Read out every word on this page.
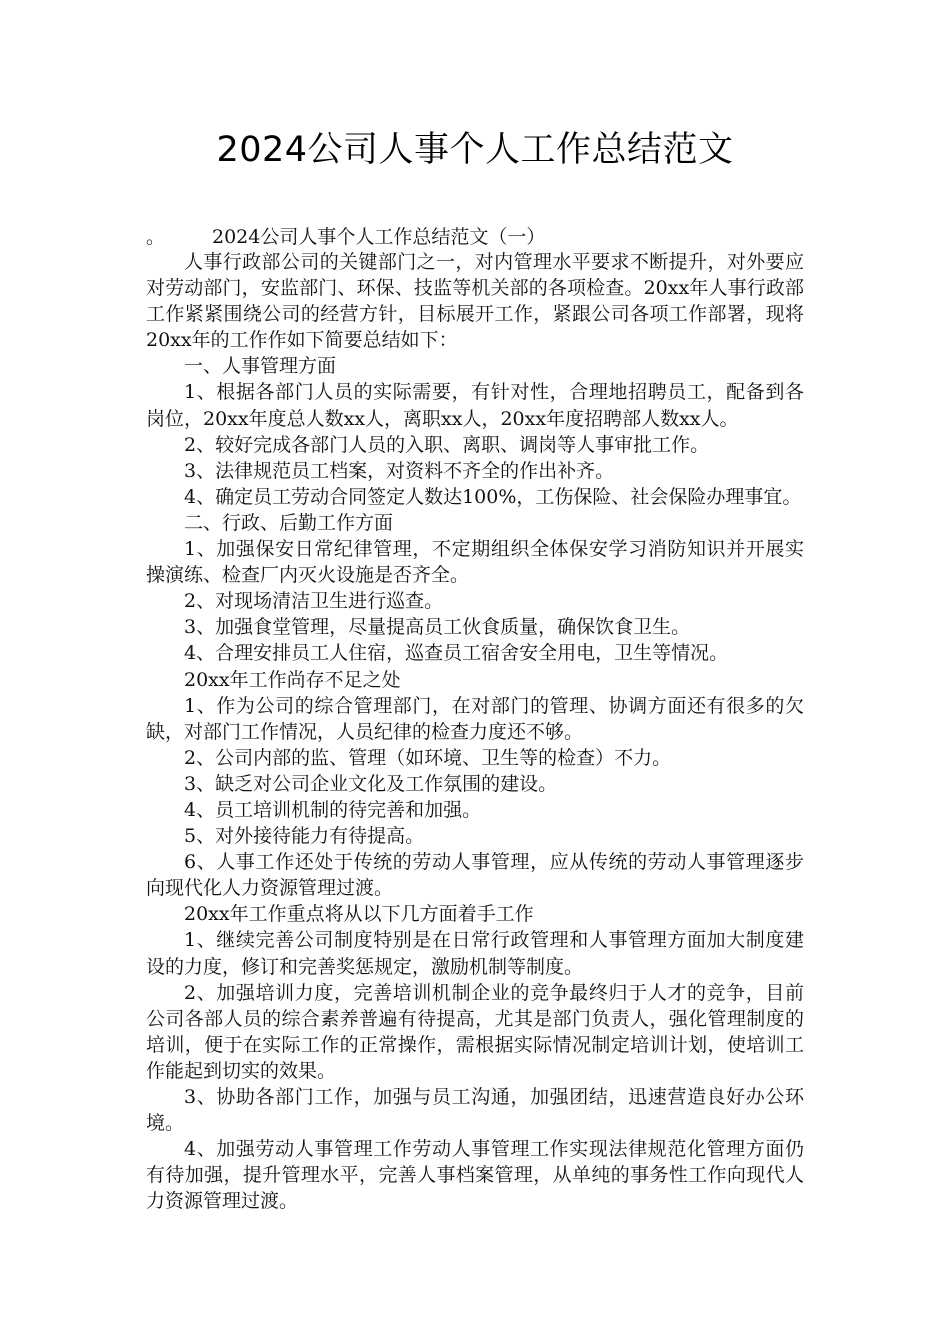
2024公司人事个人工作总结范文
。 2024公司人事个人工作总结范文（一）

人事行政部公司的关键部门之一，对内管理水平要求不断提升，对外要应对劳动部门，安监部门、环保、技监等机关部的各项检查。20xx年人事行政部工作紧紧围绕公司的经营方针，目标展开工作，紧跟公司各项工作部署，现将20xx年的工作作如下简要总结如下：

一、人事管理方面

1、根据各部门人员的实际需要，有针对性，合理地招聘员工，配备到各岗位，20xx年度总人数xx人，离职xx人，20xx年度招聘部人数xx人。

2、较好完成各部门人员的入职、离职、调岗等人事审批工作。

3、法律规范员工档案，对资料不齐全的作出补齐。

4、确定员工劳动合同签定人数达100%，工伤保险、社会保险办理事宜。

二、行政、后勤工作方面

1、加强保安日常纪律管理，不定期组织全体保安学习消防知识并开展实操演练、检查厂内灭火设施是否齐全。

2、对现场清洁卫生进行巡查。

3、加强食堂管理，尽量提高员工伙食质量，确保饮食卫生。

4、合理安排员工人住宿，巡查员工宿舍安全用电，卫生等情况。

20xx年工作尚存不足之处

1、作为公司的综合管理部门，在对部门的管理、协调方面还有很多的欠缺，对部门工作情况，人员纪律的检查力度还不够。

2、公司内部的监、管理（如环境、卫生等的检查）不力。

3、缺乏对公司企业文化及工作氛围的建设。

4、员工培训机制的待完善和加强。

5、对外接待能力有待提高。

6、人事工作还处于传统的劳动人事管理，应从传统的劳动人事管理逐步向现代化人力资源管理过渡。

20xx年工作重点将从以下几方面着手工作

1、继续完善公司制度特别是在日常行政管理和人事管理方面加大制度建设的力度，修订和完善奖惩规定，激励机制等制度。

2、加强培训力度，完善培训机制企业的竞争最终归于人才的竞争，目前公司各部人员的综合素养普遍有待提高，尤其是部门负责人，强化管理制度的培训，便于在实际工作的正常操作，需根据实际情况制定培训计划，使培训工作能起到切实的效果。

3、协助各部门工作，加强与员工沟通，加强团结，迅速营造良好办公环境。

4、加强劳动人事管理工作劳动人事管理工作实现法律规范化管理方面仍有待加强，提升管理水平，完善人事档案管理，从单纯的事务性工作向现代人力资源管理过渡。
